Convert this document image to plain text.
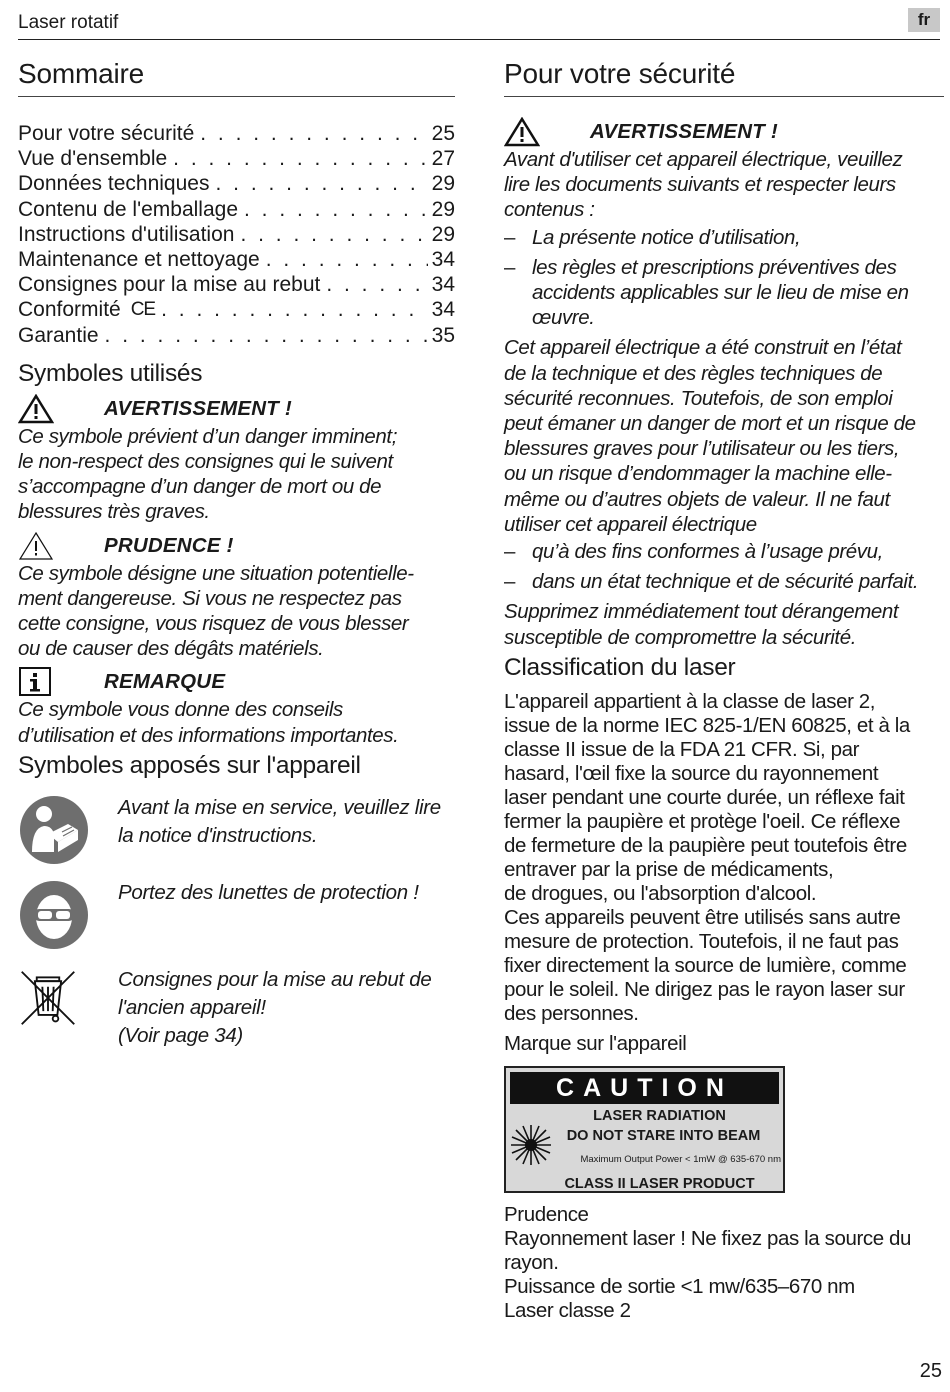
Laser rotatif	fr
Sommaire
Pour votre sécurité . . .	25
Vue d'ensemble . . .	27
Données techniques . . .	29
Contenu de l'emballage . . .	29
Instructions d'utilisation . . .	29
Maintenance et nettoyage . . .	34
Consignes pour la mise au rebut . . .	34
Conformité CE . . .	34
Garantie . . .	35
Symboles utilisés
AVERTISSEMENT !
Ce symbole prévient d’un danger imminent;
le non-respect des consignes qui le suivent
s’accompagne d’un danger de mort ou de
blessures très graves.
PRUDENCE !
Ce symbole désigne une situation potentielle-
ment dangereuse. Si vous ne respectez pas
cette consigne, vous risquez de vous blesser
ou de causer des dégâts matériels.
REMARQUE
Ce symbole vous donne des conseils
d’utilisation et des informations importantes.
Symboles apposés sur l'appareil
Avant la mise en service, veuillez lire
la notice d'instructions.
Portez des lunettes de protection !
Consignes pour la mise au rebut de
l'ancien appareil!
(Voir page 34)
Pour votre sécurité
AVERTISSEMENT !
Avant d'utiliser cet appareil électrique, veuillez
lire les documents suivants et respecter leurs
contenus :
– La présente notice d’utilisation,
– les règles et prescriptions préventives des
accidents applicables sur le lieu de mise en
œuvre.
Cet appareil électrique a été construit en l’état
de la technique et des règles techniques de
sécurité reconnues. Toutefois, de son emploi
peut émaner un danger de mort et un risque de
blessures graves pour l’utilisateur ou les tiers,
ou un risque d’endommager la machine elle-
même ou d’autres objets de valeur. Il ne faut
utiliser cet appareil électrique
– qu’à des fins conformes à l’usage prévu,
– dans un état technique et de sécurité parfait.
Supprimez immédiatement tout dérangement
susceptible de compromettre la sécurité.
Classification du laser
L'appareil appartient à la classe de laser 2,
issue de la norme IEC 825-1/EN 60825, et à la
classe II issue de la FDA 21 CFR. Si, par
hasard, l'œil fixe la source du rayonnement
laser pendant une courte durée, un réflexe fait
fermer la paupière et protège l'oeil. Ce réflexe
de fermeture de la paupière peut toutefois être
entraver par la prise de médicaments,
de drogues, ou l'absorption d'alcool.
Ces appareils peuvent être utilisés sans autre
mesure de protection. Toutefois, il ne faut pas
fixer directement la source de lumière, comme
pour le soleil. Ne dirigez pas le rayon laser sur
des personnes.
Marque sur l'appareil
CAUTION
LASER RADIATION
DO NOT STARE INTO BEAM
Maximum Output Power < 1mW @ 635-670 nm
CLASS II LASER PRODUCT
Prudence
Rayonnement laser ! Ne fixez pas la source du
rayon.
Puissance de sortie <1 mw/635–670 nm
Laser classe 2
25
